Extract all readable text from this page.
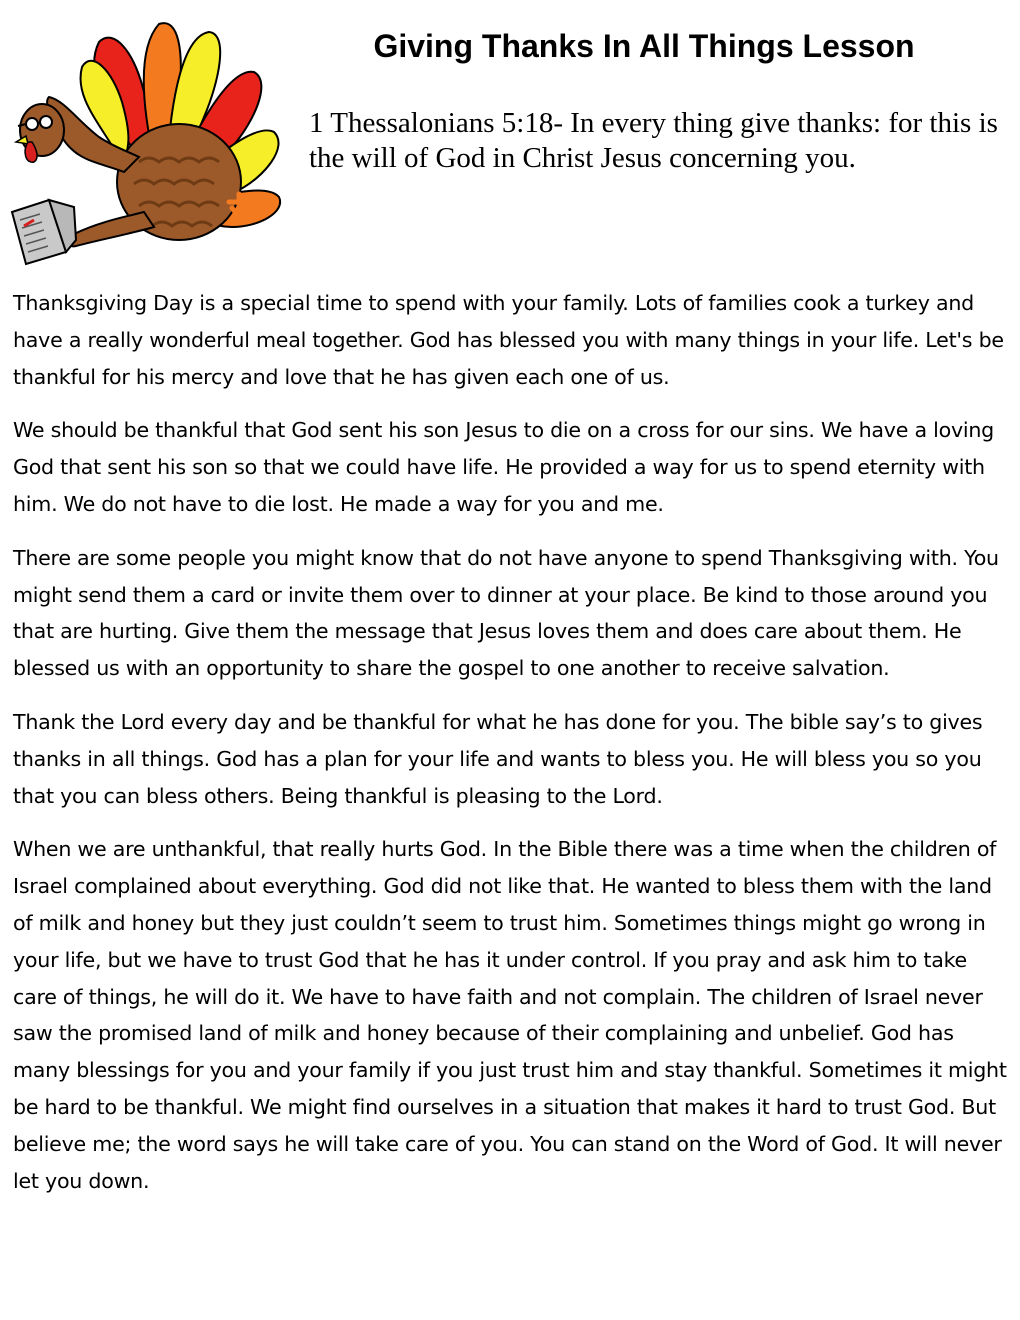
Giving Thanks In All Things Lesson

1 Thessalonians 5:18- In every thing give thanks: for this is the will of God in Christ Jesus concerning you.

Thanksgiving Day is a special time to spend with your family. Lots of families cook a turkey and have a really wonderful meal together. God has blessed you with many things in your life. Let's be thankful for his mercy and love that he has given each one of us.

We should be thankful that God sent his son Jesus to die on a cross for our sins. We have a loving God that sent his son so that we could have life. He provided a way for us to spend eternity with him. We do not have to die lost. He made a way for you and me.

There are some people you might know that do not have anyone to spend Thanksgiving with. You might send them a card or invite them over to dinner at your place. Be kind to those around you that are hurting. Give them the message that Jesus loves them and does care about them. He blessed us with an opportunity to share the gospel to one another to receive salvation.

Thank the Lord every day and be thankful for what he has done for you. The bible say’s to gives thanks in all things. God has a plan for your life and wants to bless you. He will bless you so you that you can bless others. Being thankful is pleasing to the Lord.

When we are unthankful, that really hurts God. In the Bible there was a time when the children of Israel complained about everything. God did not like that. He wanted to bless them with the land of milk and honey but they just couldn’t seem to trust him. Sometimes things might go wrong in your life, but we have to trust God that he has it under control. If you pray and ask him to take care of things, he will do it. We have to have faith and not complain. The children of Israel never saw the promised land of milk and honey because of their complaining and unbelief. God has many blessings for you and your family if you just trust him and stay thankful. Sometimes it might be hard to be thankful. We might find ourselves in a situation that makes it hard to trust God. But believe me; the word says he will take care of you. You can stand on the Word of God. It will never let you down.
